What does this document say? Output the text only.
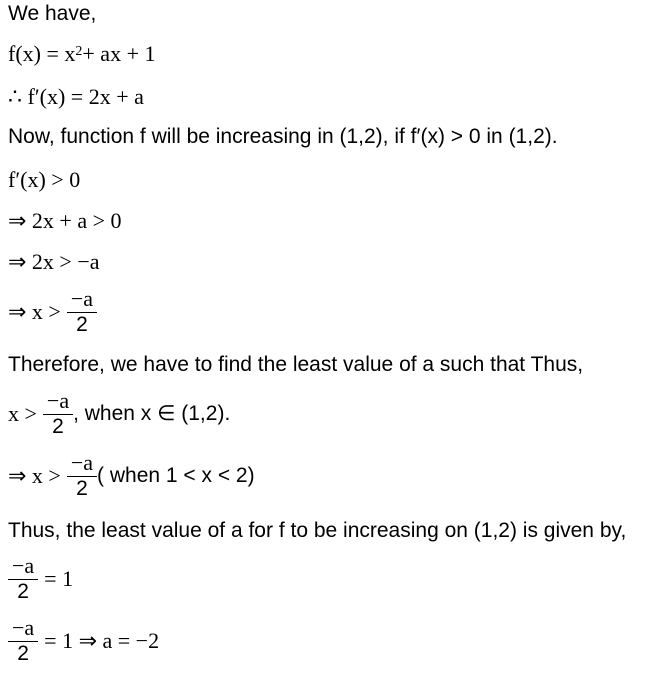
We have,
$f(x) = x^2$ + ax + 1
∴ f′(x) = 2x + a
Now, function f will be increasing in (1,2), if f′(x) > 0 in (1,2).
f′(x) > 0
⇒ 2x + a > 0
⇒ 2x > −a
⇒ $x > \frac{-a}{2}$
Therefore, we have to find the least value of a such that Thus,
$x > \frac{-a}{2}$ , when x ∈ (1,2).
⇒ $x > \frac{-a}{2}$ ( when 1 < x < 2)
Thus, the least value of a for f to be increasing on (1,2) is given by,
$\frac{-a}{2} = 1$
$\frac{-a}{2} = 1$ ⇒ a = −2
